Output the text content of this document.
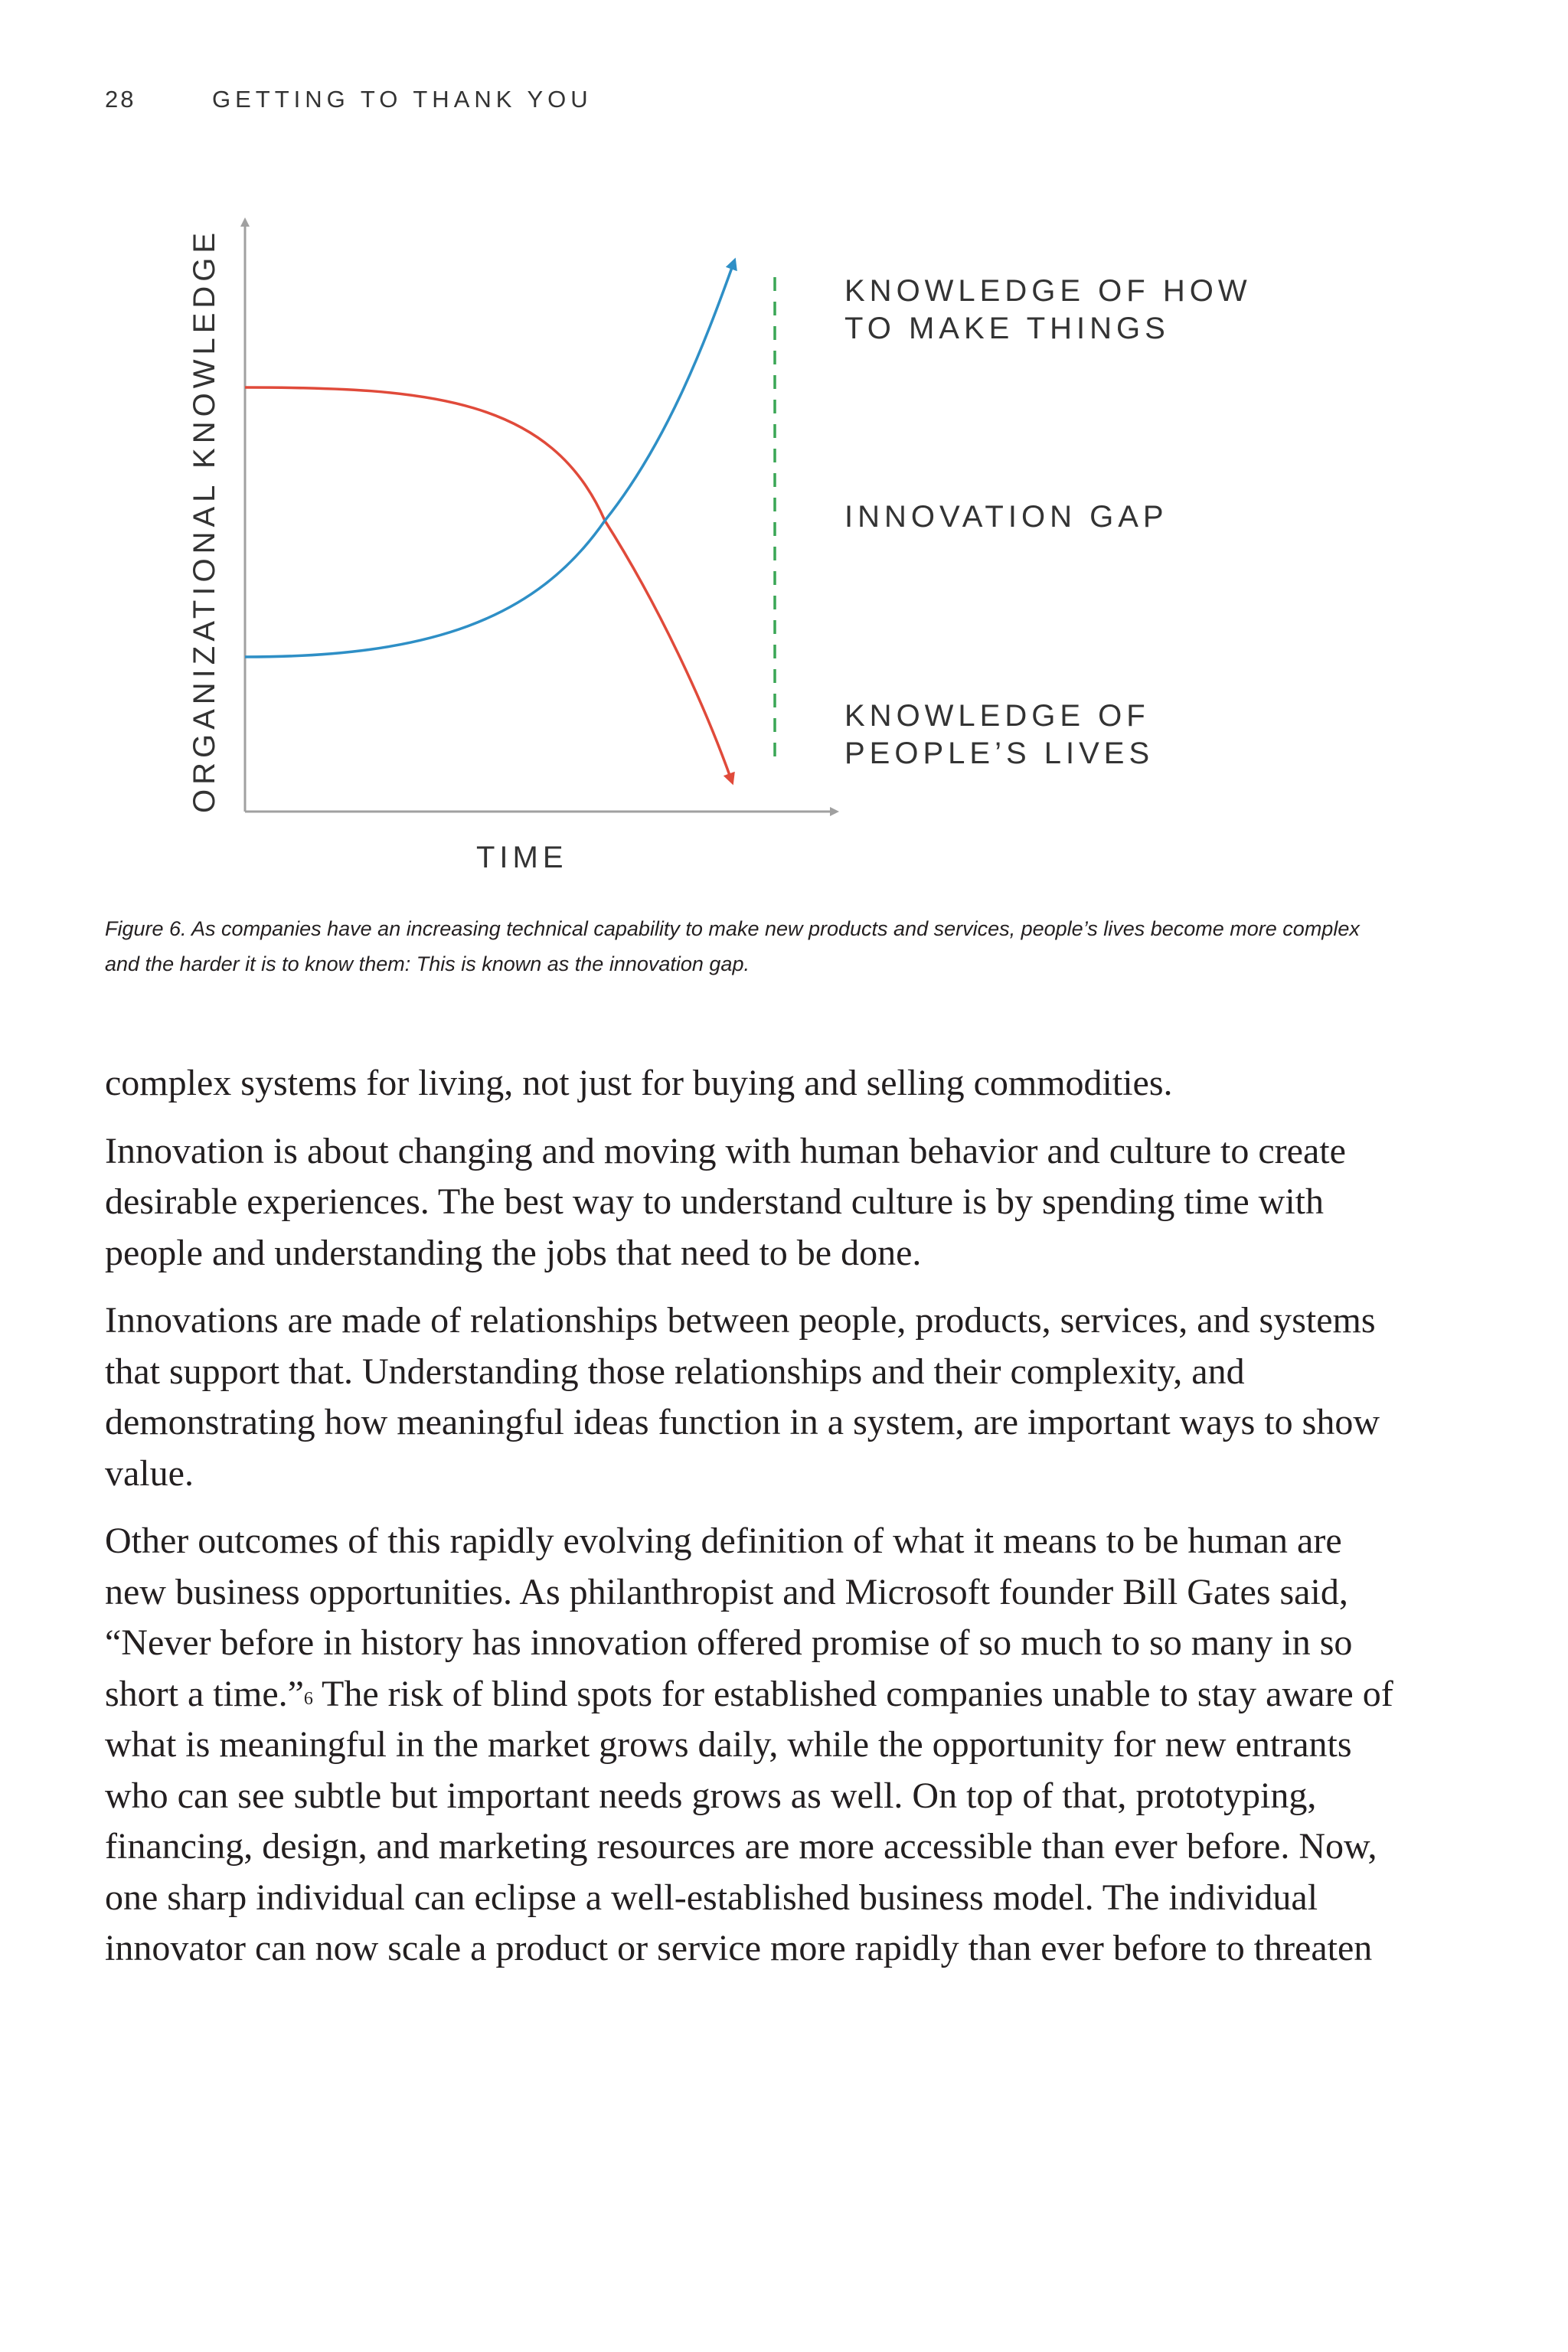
28	GETTING TO THANK YOU
ORGANIZATIONAL KNOWLEDGE
TIME
KNOWLEDGE OF HOW
TO MAKE THINGS
INNOVATION GAP
KNOWLEDGE OF
PEOPLE’S LIVES

Figure 6. As companies have an increasing technical capability to make new products and services, people’s lives become more complex and the harder it is to know them: This is known as the innovation gap.

complex systems for living, not just for buying and selling commodities.

Innovation is about changing and moving with human behavior and culture to create desirable experiences. The best way to understand culture is by spending time with people and understanding the jobs that need to be done.

Innovations are made of relationships between people, products, services, and systems that support that. Understanding those relationships and their complexity, and demonstrating how meaningful ideas function in a system, are important ways to show value.

Other outcomes of this rapidly evolving definition of what it means to be human are new business opportunities. As philanthropist and Microsoft founder Bill Gates said, “Never before in history has innovation offered promise of so much to so many in so short a time.”$^6$ The risk of blind spots for established companies unable to stay aware of what is meaningful in the market grows daily, while the opportunity for new entrants who can see subtle but important needs grows as well. On top of that, prototyping, financing, design, and marketing resources are more accessible than ever before. Now, one sharp individual can eclipse a well-established business model. The individual innovator can now scale a product or service more rapidly than ever before to threaten
